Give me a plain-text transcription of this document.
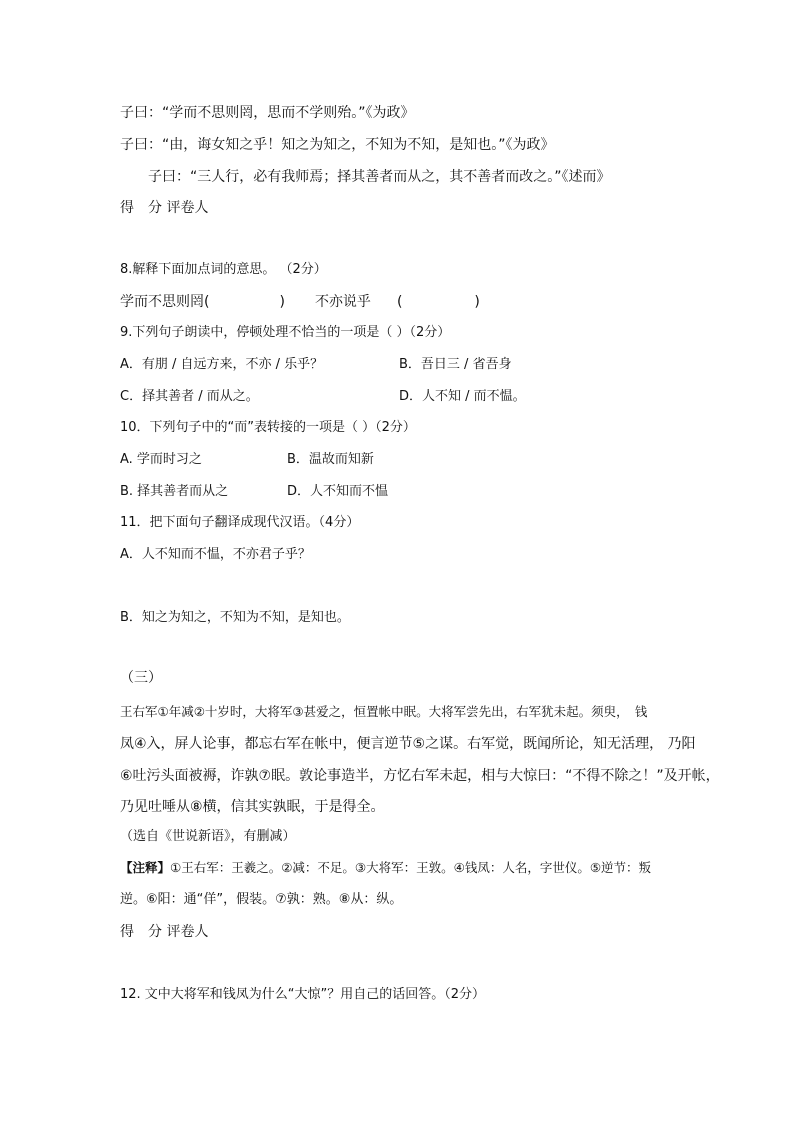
子曰：“学而不思则罔，思而不学则殆。”《为政》
子曰：“由，诲女知之乎！知之为知之，不知为不知，是知也。”《为政》
子曰：“三人行，必有我师焉；择其善者而从之，其不善者而改之。”《述而》
得　分 评卷人
8.解释下面加点词的意思。 （2分）
学而不思则罔(	) 不亦说乎 (	)
9.下列句子朗读中，停顿处理不恰当的一项是（ ）（2分）
A．有朋 / 自远方来，不亦 / 乐乎？	B．吾日三 / 省吾身
C．择其善者 / 而从之。	D．人不知 / 而不愠。
10．下列句子中的“而”表转接的一项是（ ）（2分）
A. 学而时习之	B．温故而知新
B. 择其善者而从之	D．人不知而不愠
11．把下面句子翻译成现代汉语。（4分）
A．人不知而不愠，不亦君子乎？
B．知之为知之，不知为不知，是知也。
（三）
王右军①年减②十岁时，大将军③甚爱之，恒置帐中眠。大将军尝先出，右军犹未起。须臾，　钱
凤④入，屏人论事，都忘右军在帐中，便言逆节⑤之谋。右军觉，既闻所论，知无活理， 乃阳
⑥吐污头面被褥，诈孰⑦眠。敦论事造半，方忆右军未起，相与大惊曰：“不得不除之！”及开帐，
乃见吐唾从⑧横，信其实孰眠，于是得全。
（选自《世说新语》，有删减）
【注释】①王右军：王羲之。②减：不足。③大将军：王敦。④钱凤：人名，字世仪。⑤逆节：叛
逆。⑥阳：通“佯”，假装。⑦孰：熟。⑧从：纵。
得　分 评卷人
12. 文中大将军和钱凤为什么“大惊”？用自己的话回答。（2分）
